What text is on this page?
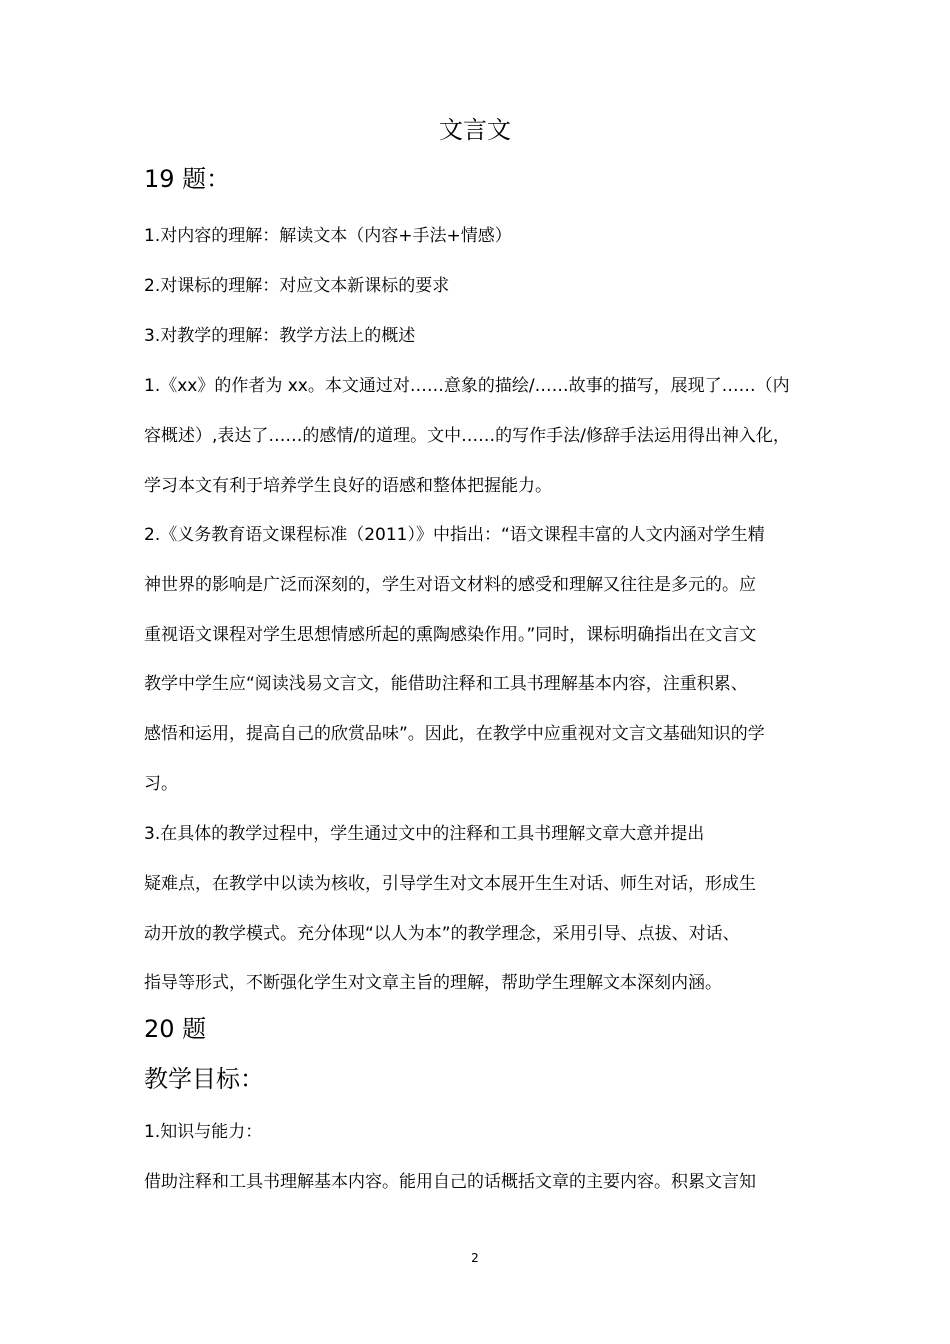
文言文
19 题：
1.对内容的理解：解读文本（内容+手法+情感）
2.对课标的理解：对应文本新课标的要求
3.对教学的理解：教学方法上的概述
1.《xx》的作者为 xx。本文通过对……意象的描绘/……故事的描写，展现了……（内
容概述）,表达了……的感情/的道理。文中……的写作手法/修辞手法运用得出神入化，
学习本文有利于培养学生良好的语感和整体把握能力。
2.《义务教育语文课程标准（2011）》中指出：“语文课程丰富的人文内涵对学生精
神世界的影响是广泛而深刻的，学生对语文材料的感受和理解又往往是多元的。应
重视语文课程对学生思想情感所起的熏陶感染作用。”同时，课标明确指出在文言文
教学中学生应“阅读浅易文言文，能借助注释和工具书理解基本内容，注重积累、
感悟和运用，提高自己的欣赏品味”。因此，在教学中应重视对文言文基础知识的学
习。
3.在具体的教学过程中，学生通过文中的注释和工具书理解文章大意并提出
疑难点，在教学中以读为核收，引导学生对文本展开生生对话、师生对话，形成生
动开放的教学模式。充分体现“以人为本”的教学理念，采用引导、点拔、对话、
指导等形式，不断强化学生对文章主旨的理解，帮助学生理解文本深刻内涵。
20 题
教学目标：
1.知识与能力：
借助注释和工具书理解基本内容。能用自己的话概括文章的主要内容。积累文言知
2
